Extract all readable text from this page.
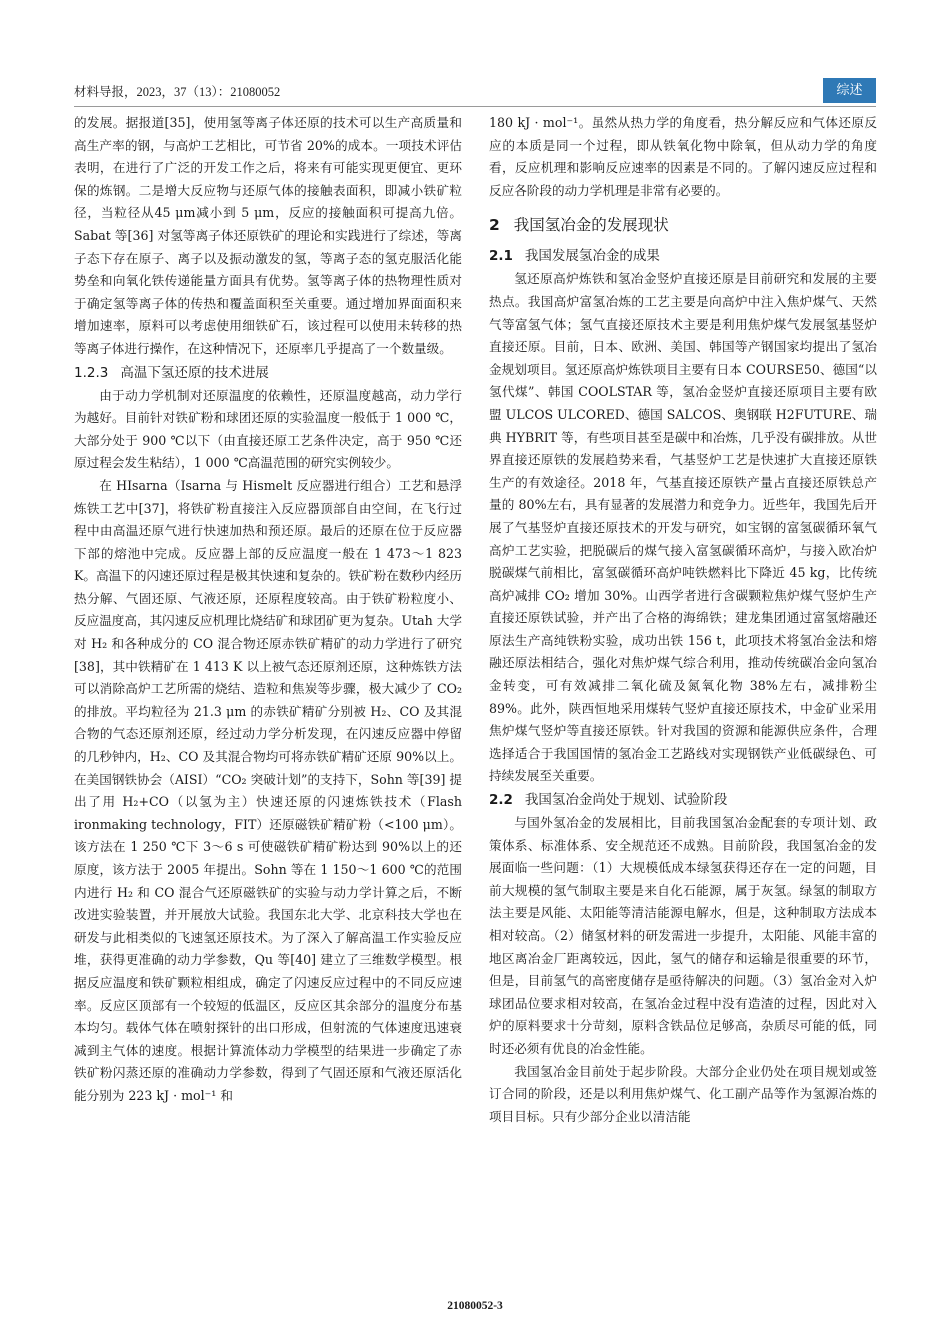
材料导报，2023，37（13）：21080052	综述

的发展。据报道[35]，使用氢等离子体还原的技术可以生产高质量和高生产率的钢，与高炉工艺相比，可节省 20%的成本。一项技术评估表明，在进行了广泛的开发工作之后，将来有可能实现更便宜、更环保的炼钢。二是增大反应物与还原气体的接触表面积，即减小铁矿粒径，当粒径从45 μm减小到 5 μm，反应的接触面积可提高九倍。Sabat 等[36] 对氢等离子体还原铁矿的理论和实践进行了综述，等离子态下存在原子、离子以及振动激发的氢，等离子态的氢克服活化能势垒和向氧化铁传递能量方面具有优势。氢等离子体的热物理性质对于确定氢等离子体的传热和覆盖面积至关重要。通过增加界面面积来增加速率，原料可以考虑使用细铁矿石，该过程可以使用未转移的热等离子体进行操作，在这种情况下，还原率几乎提高了一个数量级。

1.2.3 高温下氢还原的技术进展

由于动力学机制对还原温度的依赖性，还原温度越高，动力学行为越好。目前针对铁矿粉和球团还原的实验温度一般低于 1 000 ℃，大部分处于 900 ℃以下（由直接还原工艺条件决定，高于 950 ℃还原过程会发生粘结），1 000 ℃高温范围的研究实例较少。

在 HIsarna（Isarna 与 Hismelt 反应器进行组合）工艺和悬浮炼铁工艺中[37]，将铁矿粉直接注入反应器顶部自由空间，在飞行过程中由高温还原气进行快速加热和预还原。最后的还原在位于反应器下部的熔池中完成。反应器上部的反应温度一般在 1 473～1 823 K。高温下的闪速还原过程是极其快速和复杂的。铁矿粉在数秒内经历热分解、气固还原、气液还原，还原程度较高。由于铁矿粉粒度小、反应温度高，其闪速反应机理比烧结矿和球团矿更为复杂。Utah 大学对 H₂ 和各种成分的 CO 混合物还原赤铁矿精矿的动力学进行了研究[38]，其中铁精矿在 1 413 K 以上被气态还原剂还原，这种炼铁方法可以消除高炉工艺所需的烧结、造粒和焦炭等步骤，极大减少了 CO₂ 的排放。平均粒径为 21.3 μm 的赤铁矿精矿分别被 H₂、CO 及其混合物的气态还原剂还原，经过动力学分析发现，在闪速反应器中停留的几秒钟内，H₂、CO 及其混合物均可将赤铁矿精矿还原 90%以上。在美国钢铁协会（AISI）“CO₂ 突破计划”的支持下，Sohn 等[39] 提出了用 H₂+CO（以氢为主）快速还原的闪速炼铁技术（Flash ironmaking technology，FIT）还原磁铁矿精矿粉（<100 μm）。该方法在 1 250 ℃下 3～6 s 可使磁铁矿精矿粉达到 90%以上的还原度，该方法于 2005 年提出。Sohn 等在 1 150～1 600 ℃的范围内进行 H₂ 和 CO 混合气还原磁铁矿的实验与动力学计算之后，不断改进实验装置，并开展放大试验。我国东北大学、北京科技大学也在研发与此相类似的飞速氢还原技术。为了深入了解高温工作实验反应堆，获得更准确的动力学参数，Qu 等[40] 建立了三维数学模型。根据反应温度和铁矿颗粒相组成，确定了闪速反应过程中的不同反应速率。反应区顶部有一个较短的低温区，反应区其余部分的温度分布基本均匀。载体气体在喷射探针的出口形成，但射流的气体速度迅速衰减到主气体的速度。根据计算流体动力学模型的结果进一步确定了赤铁矿粉闪蒸还原的准确动力学参数，得到了气固还原和气液还原活化能分别为 223 kJ · mol⁻¹ 和

180 kJ · mol⁻¹。虽然从热力学的角度看，热分解反应和气体还原反应的本质是同一个过程，即从铁氧化物中除氧，但从动力学的角度看，反应机理和影响反应速率的因素是不同的。了解闪速反应过程和反应各阶段的动力学机理是非常有必要的。

2 我国氢冶金的发展现状
2.1 我国发展氢冶金的成果

氢还原高炉炼铁和氢冶金竖炉直接还原是目前研究和发展的主要热点。我国高炉富氢冶炼的工艺主要是向高炉中注入焦炉煤气、天然气等富氢气体；氢气直接还原技术主要是利用焦炉煤气发展氢基竖炉直接还原。目前，日本、欧洲、美国、韩国等产钢国家均提出了氢冶金规划项目。氢还原高炉炼铁项目主要有日本 COURSE50、德国“以氢代煤”、韩国 COOLSTAR 等，氢冶金竖炉直接还原项目主要有欧盟 ULCOS ULCORED、德国 SALCOS、奥钢联 H2FUTURE、瑞典 HYBRIT 等，有些项目甚至是碳中和冶炼，几乎没有碳排放。从世界直接还原铁的发展趋势来看，气基竖炉工艺是快速扩大直接还原铁生产的有效途径。2018 年，气基直接还原铁产量占直接还原铁总产量的 80%左右，具有显著的发展潜力和竞争力。近些年，我国先后开展了气基竖炉直接还原技术的开发与研究，如宝钢的富氢碳循环氧气高炉工艺实验，把脱碳后的煤气接入富氢碳循环高炉，与接入欧冶炉脱碳煤气前相比，富氢碳循环高炉吨铁燃料比下降近 45 kg，比传统高炉减排 CO₂ 增加 30%。山西学者进行含碳颗粒焦炉煤气竖炉生产直接还原铁试验，并产出了合格的海绵铁；建龙集团通过富氢熔融还原法生产高纯铁粉实验，成功出铁 156 t，此项技术将氢冶金法和熔融还原法相结合，强化对焦炉煤气综合利用，推动传统碳冶金向氢冶金转变，可有效减排二氧化硫及氮氧化物 38%左右，减排粉尘 89%。此外，陕西恒地采用煤转气竖炉直接还原技术，中金矿业采用焦炉煤气竖炉等直接还原铁。针对我国的资源和能源供应条件，合理选择适合于我国国情的氢冶金工艺路线对实现钢铁产业低碳绿色、可持续发展至关重要。

2.2 我国氢冶金尚处于规划、试验阶段

与国外氢冶金的发展相比，目前我国氢冶金配套的专项计划、政策体系、标准体系、安全规范还不成熟。目前阶段，我国氢冶金的发展面临一些问题：（1）大规模低成本绿氢获得还存在一定的问题，目前大规模的氢气制取主要是来自化石能源，属于灰氢。绿氢的制取方法主要是风能、太阳能等清洁能源电解水，但是，这种制取方法成本相对较高。（2）储氢材料的研发需进一步提升，太阳能、风能丰富的地区离冶金厂距离较远，因此，氢气的储存和运输是很重要的环节，但是，目前氢气的高密度储存是亟待解决的问题。（3）氢冶金对入炉球团品位要求相对较高，在氢冶金过程中没有造渣的过程，因此对入炉的原料要求十分苛刻，原料含铁品位足够高，杂质尽可能的低，同时还必须有优良的冶金性能。

我国氢冶金目前处于起步阶段。大部分企业仍处在项目规划或签订合同的阶段，还是以利用焦炉煤气、化工副产品等作为氢源冶炼的项目目标。只有少部分企业以清洁能

21080052-3
